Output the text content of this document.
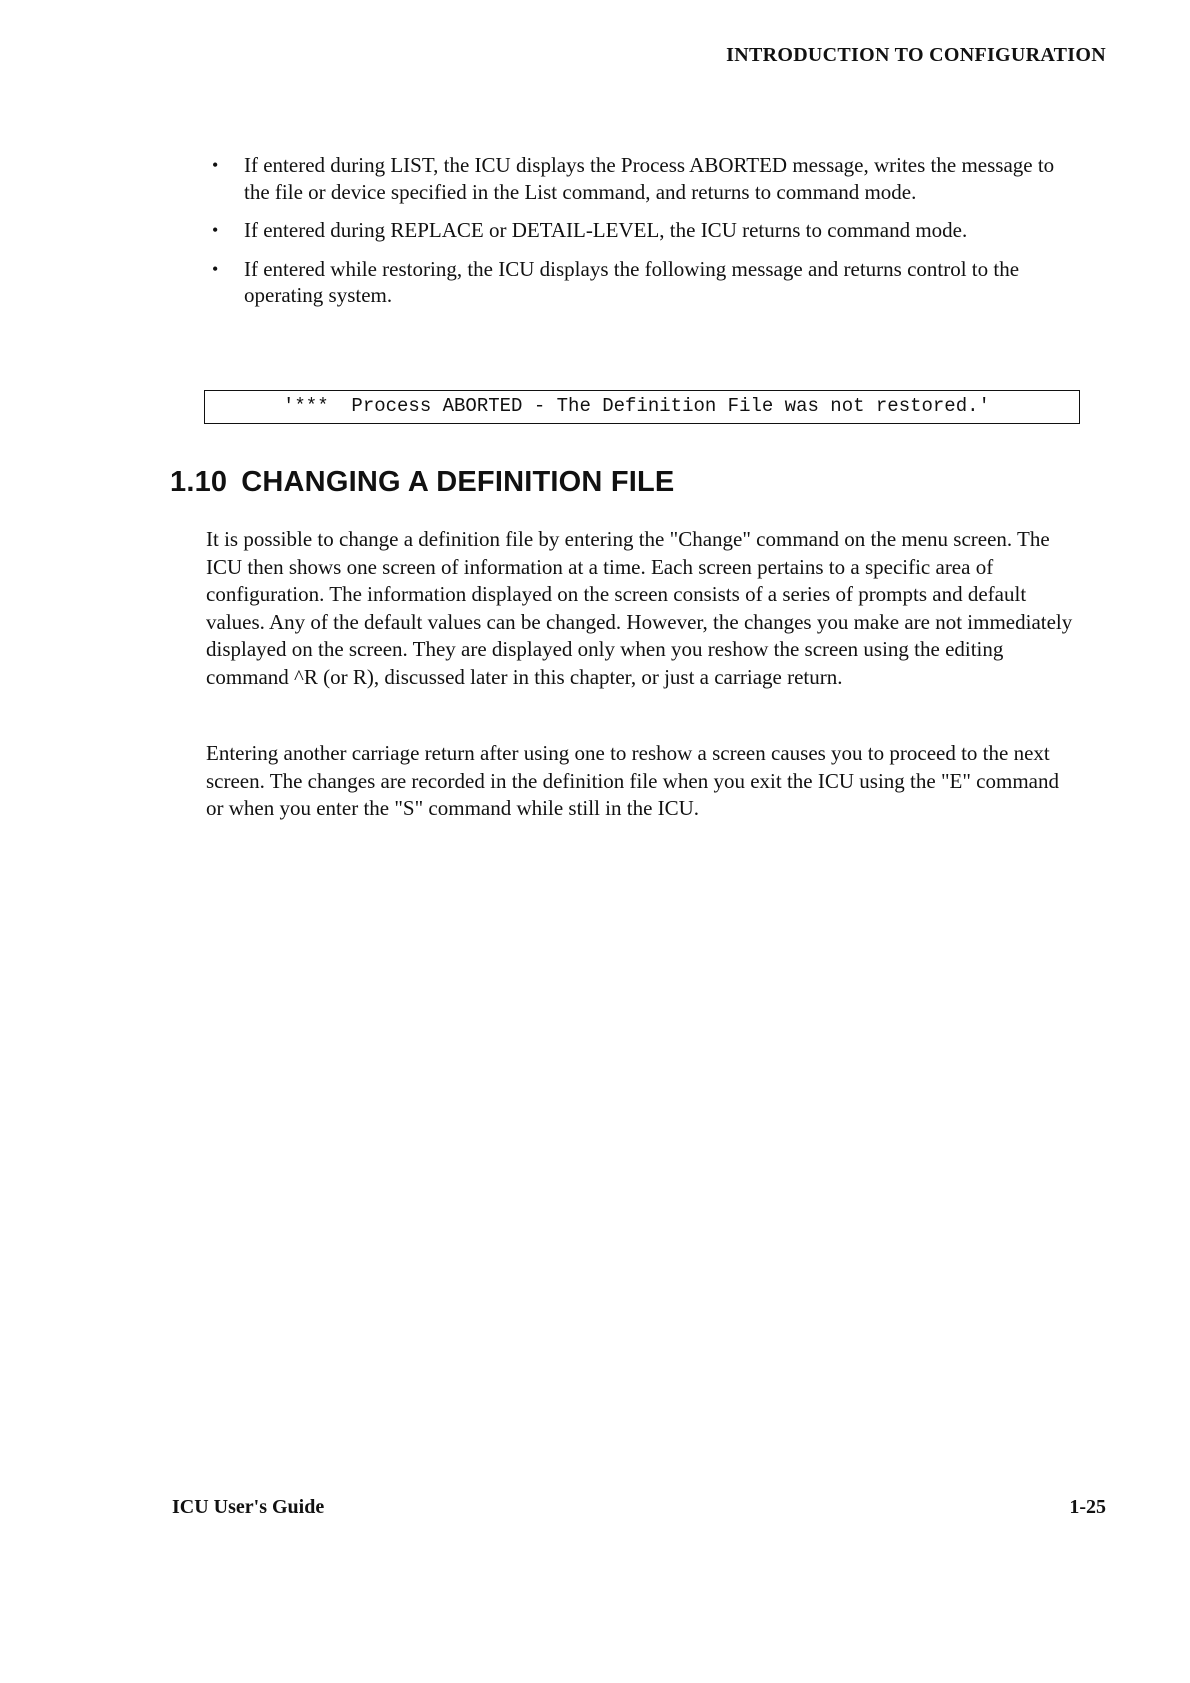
INTRODUCTION TO CONFIGURATION
• If entered during LIST, the ICU displays the Process ABORTED message, writes the message to the file or device specified in the List command, and returns to command mode.
• If entered during REPLACE or DETAIL-LEVEL, the ICU returns to command mode.
• If entered while restoring, the ICU displays the following message and returns control to the operating system.
'***  Process ABORTED - The Definition File was not restored.'
1.10 CHANGING A DEFINITION FILE

It is possible to change a definition file by entering the "Change" command on the menu screen. The ICU then shows one screen of information at a time. Each screen pertains to a specific area of configuration. The information displayed on the screen consists of a series of prompts and default values. Any of the default values can be changed. However, the changes you make are not immediately displayed on the screen. They are displayed only when you reshow the screen using the editing command ^R (or R), discussed later in this chapter, or just a carriage return.

Entering another carriage return after using one to reshow a screen causes you to proceed to the next screen. The changes are recorded in the definition file when you exit the ICU using the "E" command or when you enter the "S" command while still in the ICU.

ICU User's Guide	1-25
